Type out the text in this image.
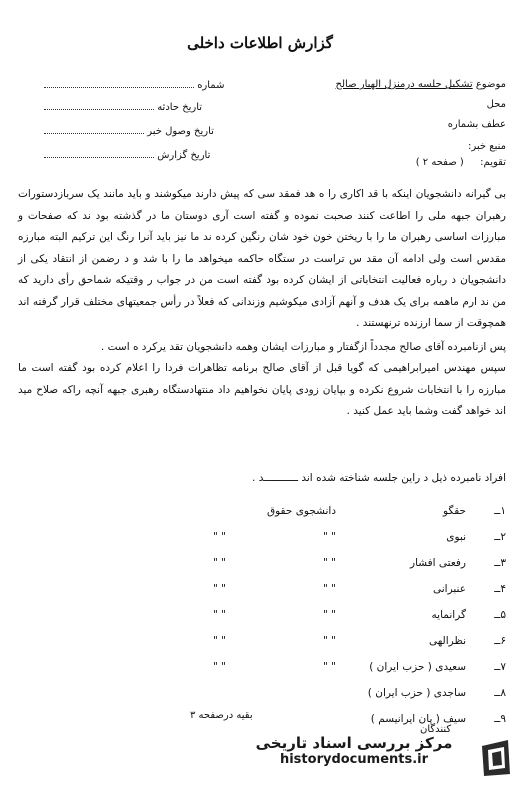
گزارش اطلاعات داخلی
موضوع تشکیل جلسه درمنزل الهیار صالح
محل
عطف بشماره
منبع خبر:
تقویم:  ( صفحه ۲ )
شماره
تاریخ حادثه
تاریخ وصول خبر
تاریخ گزارش

بی گیرانه دانشجویان اینکه با قد اکاری را ه هد فمقد سی که پیش دارند میکوشند و باید مانند یک سربازدستورات رهبران جبهه ملی را اطاعت کنند صحبت نموده و گفته است آری دوستان ما در گذشته بود ند که صفحات و مبارزات اساسی رهبران ما را با ریختن خون خود شان رنگین کرده ند ما نیز باید آنرا رنگ این ترکیم البته مبارزه مقدس است ولی ادامه آن مقد س تراست در ستگاه حاکمه میخواهد ما را با شد و د رضمن از انتقاد یکی از دانشجویان د رباره فعالیت انتخاباتی از ایشان کرده بود گفته است من در جواب ر وقتیکه شماحق رأی دارید که من ند ارم ماهمه برای یک هدف و آنهم آزادی میکوشیم وزندانی که فعلاً در رأس جمعیتهای مختلف قرار گرفته اند همچوقت از سما ارزنده ترنهستند .

پس ازنامبرده آقای صالح مجدداً ازگفتار و مبارزات ایشان وهمه دانشجویان تقد یرکرد ه است .

سپس مهندس امیرابراهیمی که گویا قبل از آقای صالح برنامه تظاهرات فردا را اعلام کرده بود گفته است ما مبارزه را با انتخابات شروع نکرده و بپایان زودی پایان نخواهیم داد منتهادستگاه رهبری جبهه آنچه راکه صلاح مید اند خواهد گفت وشما باید عمل کنید .

افراد نامبرده ذیل د راین جلسه شناخته شده اند ـــــــــــد .
۱ــ	حقگو	دانشجوی حقوق	
۲ــ	نبوی	" "	" "
۳ــ	رفعتی افشار	" "	" "
۴ــ	عنبرانی	" "	" "
۵ــ	گرانمایه	" "	" "
۶ــ	نظرالهی	" "	" "
۷ــ	سعیدی ( حزب ایران )	" "	" "
۸ــ	ساجدی ( حزب ایران )		
۹ــ	سیف ( پان ایرانیسم )		
بقیه درصفحه ۳
کنندگان
مرکز بررسی اسناد تاریخی
historydocuments.ir
